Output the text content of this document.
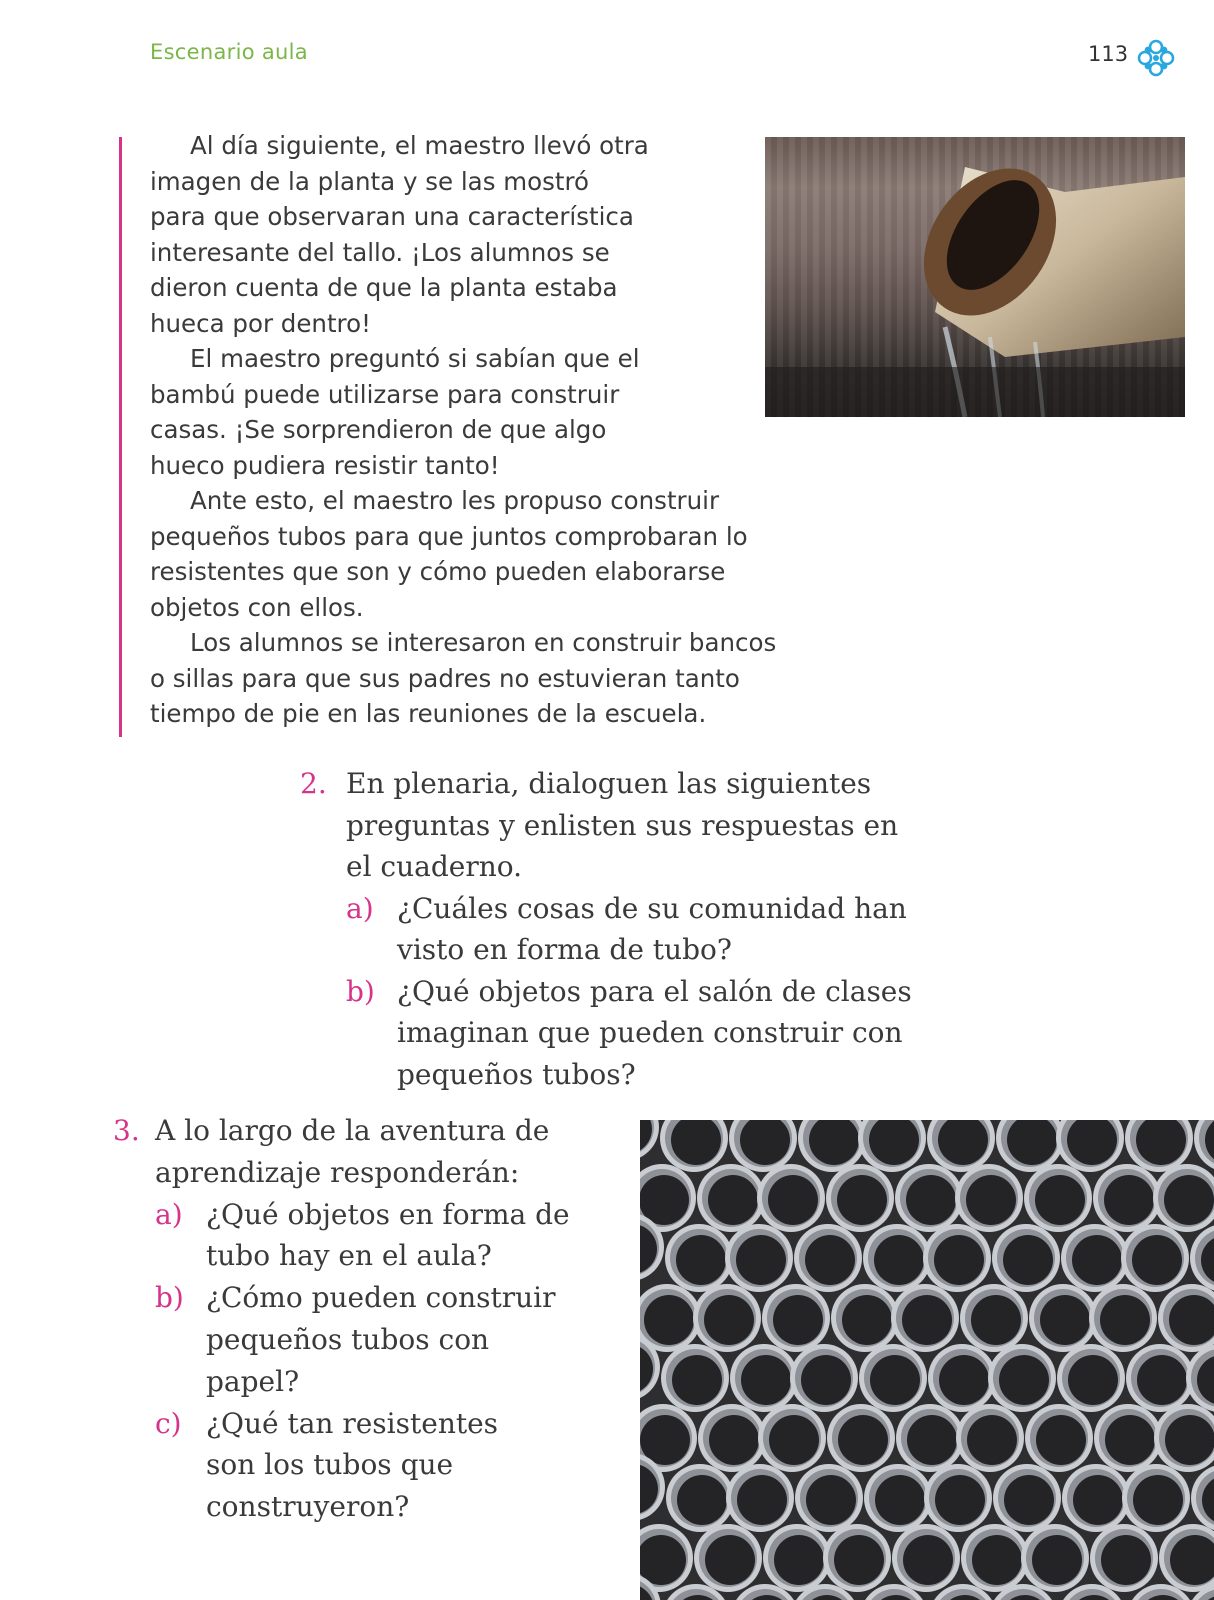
Escenario aula	113
Al día siguiente, el maestro llevó otra
imagen de la planta y se las mostró
para que observaran una característica
interesante del tallo. ¡Los alumnos se
dieron cuenta de que la planta estaba
hueca por dentro!
El maestro preguntó si sabían que el
bambú puede utilizarse para construir
casas. ¡Se sorprendieron de que algo
hueco pudiera resistir tanto!
Ante esto, el maestro les propuso construir
pequeños tubos para que juntos comprobaran lo
resistentes que son y cómo pueden elaborarse
objetos con ellos.
Los alumnos se interesaron en construir bancos
o sillas para que sus padres no estuvieran tanto
tiempo de pie en las reuniones de la escuela.
2. En plenaria, dialoguen las siguientes
preguntas y enlisten sus respuestas en
el cuaderno.
a) ¿Cuáles cosas de su comunidad han
visto en forma de tubo?
b) ¿Qué objetos para el salón de clases
imaginan que pueden construir con
pequeños tubos?
3. A lo largo de la aventura de
aprendizaje responderán:
a) ¿Qué objetos en forma de
tubo hay en el aula?
b) ¿Cómo pueden construir
pequeños tubos con
papel?
c) ¿Qué tan resistentes
son los tubos que
construyeron?
